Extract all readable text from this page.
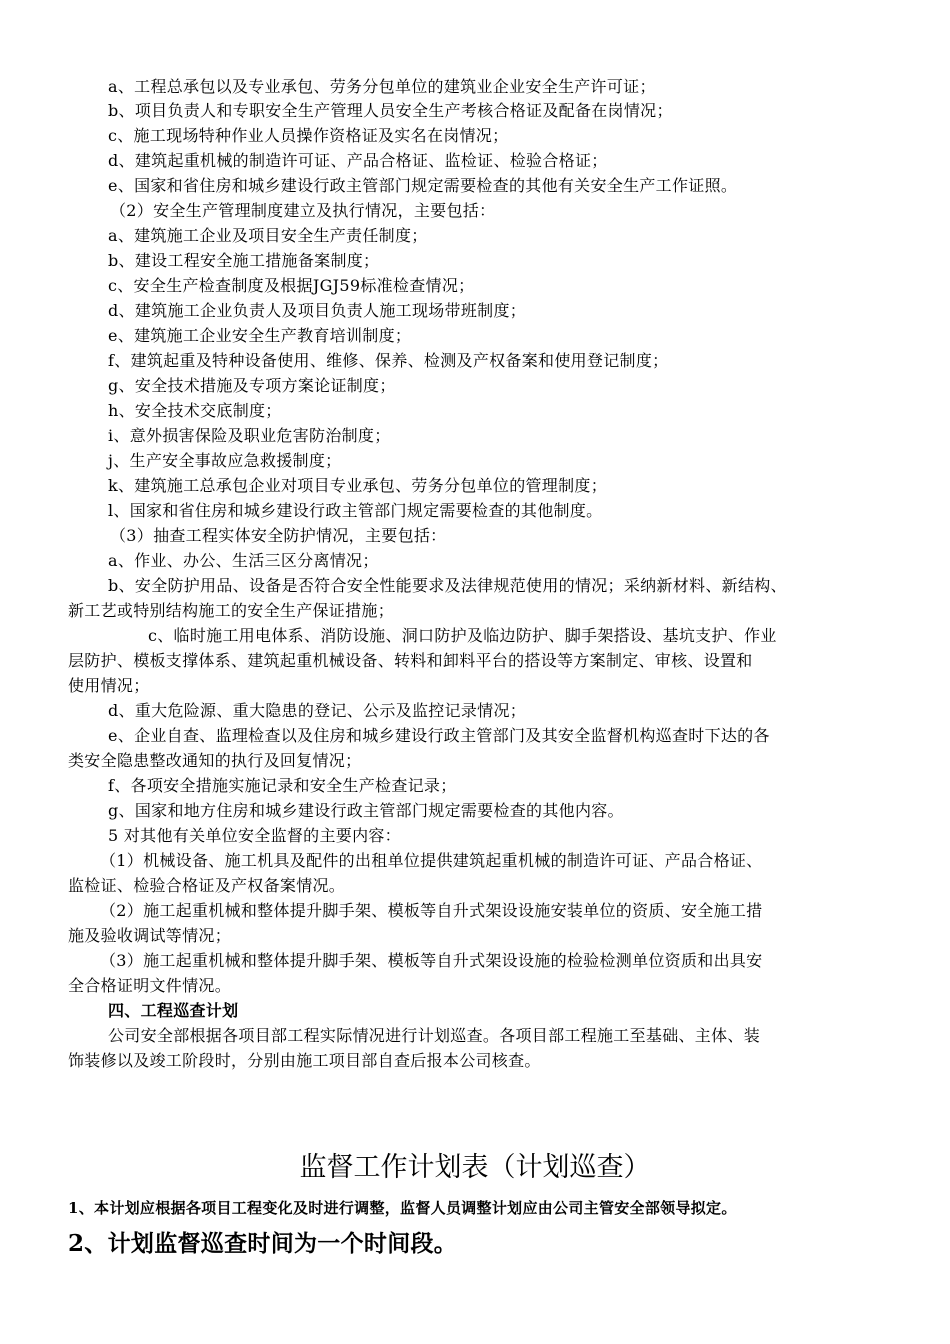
a、工程总承包以及专业承包、劳务分包单位的建筑业企业安全生产许可证；
b、项目负责人和专职安全生产管理人员安全生产考核合格证及配备在岗情况；
c、施工现场特种作业人员操作资格证及实名在岗情况；
d、建筑起重机械的制造许可证、产品合格证、监检证、检验合格证；
e、国家和省住房和城乡建设行政主管部门规定需要检查的其他有关安全生产工作证照。
（2）安全生产管理制度建立及执行情况，主要包括：
a、建筑施工企业及项目安全生产责任制度；
b、建设工程安全施工措施备案制度；
c、安全生产检查制度及根据JGJ59标准检查情况；
d、建筑施工企业负责人及项目负责人施工现场带班制度；
e、建筑施工企业安全生产教育培训制度；
f、建筑起重及特种设备使用、维修、保养、检测及产权备案和使用登记制度；
g、安全技术措施及专项方案论证制度；
h、安全技术交底制度；
i、意外损害保险及职业危害防治制度；
j、生产安全事故应急救援制度；
k、建筑施工总承包企业对项目专业承包、劳务分包单位的管理制度；
l、国家和省住房和城乡建设行政主管部门规定需要检查的其他制度。
（3）抽查工程实体安全防护情况，主要包括：
a、作业、办公、生活三区分离情况；
b、安全防护用品、设备是否符合安全性能要求及法律规范使用的情况；采纳新材料、新结构、
新工艺或特别结构施工的安全生产保证措施；
c、临时施工用电体系、消防设施、洞口防护及临边防护、脚手架搭设、基坑支护、作业
层防护、模板支撑体系、建筑起重机械设备、转料和卸料平台的搭设等方案制定、审核、设置和
使用情况；
d、重大危险源、重大隐患的登记、公示及监控记录情况；
e、企业自查、监理检查以及住房和城乡建设行政主管部门及其安全监督机构巡查时下达的各
类安全隐患整改通知的执行及回复情况；
f、各项安全措施实施记录和安全生产检查记录；
g、国家和地方住房和城乡建设行政主管部门规定需要检查的其他内容。
5 对其他有关单位安全监督的主要内容：
（1）机械设备、施工机具及配件的出租单位提供建筑起重机械的制造许可证、产品合格证、
监检证、检验合格证及产权备案情况。
（2）施工起重机械和整体提升脚手架、模板等自升式架设设施安装单位的资质、安全施工措
施及验收调试等情况；
（3）施工起重机械和整体提升脚手架、模板等自升式架设设施的检验检测单位资质和出具安
全合格证明文件情况。
四、工程巡查计划
公司安全部根据各项目部工程实际情况进行计划巡查。各项目部工程施工至基础、主体、装
饰装修以及竣工阶段时，分别由施工项目部自查后报本公司核查。
监督工作计划表（计划巡查）
1、本计划应根据各项目工程变化及时进行调整，监督人员调整计划应由公司主管安全部领导拟定。
2、计划监督巡查时间为一个时间段。
